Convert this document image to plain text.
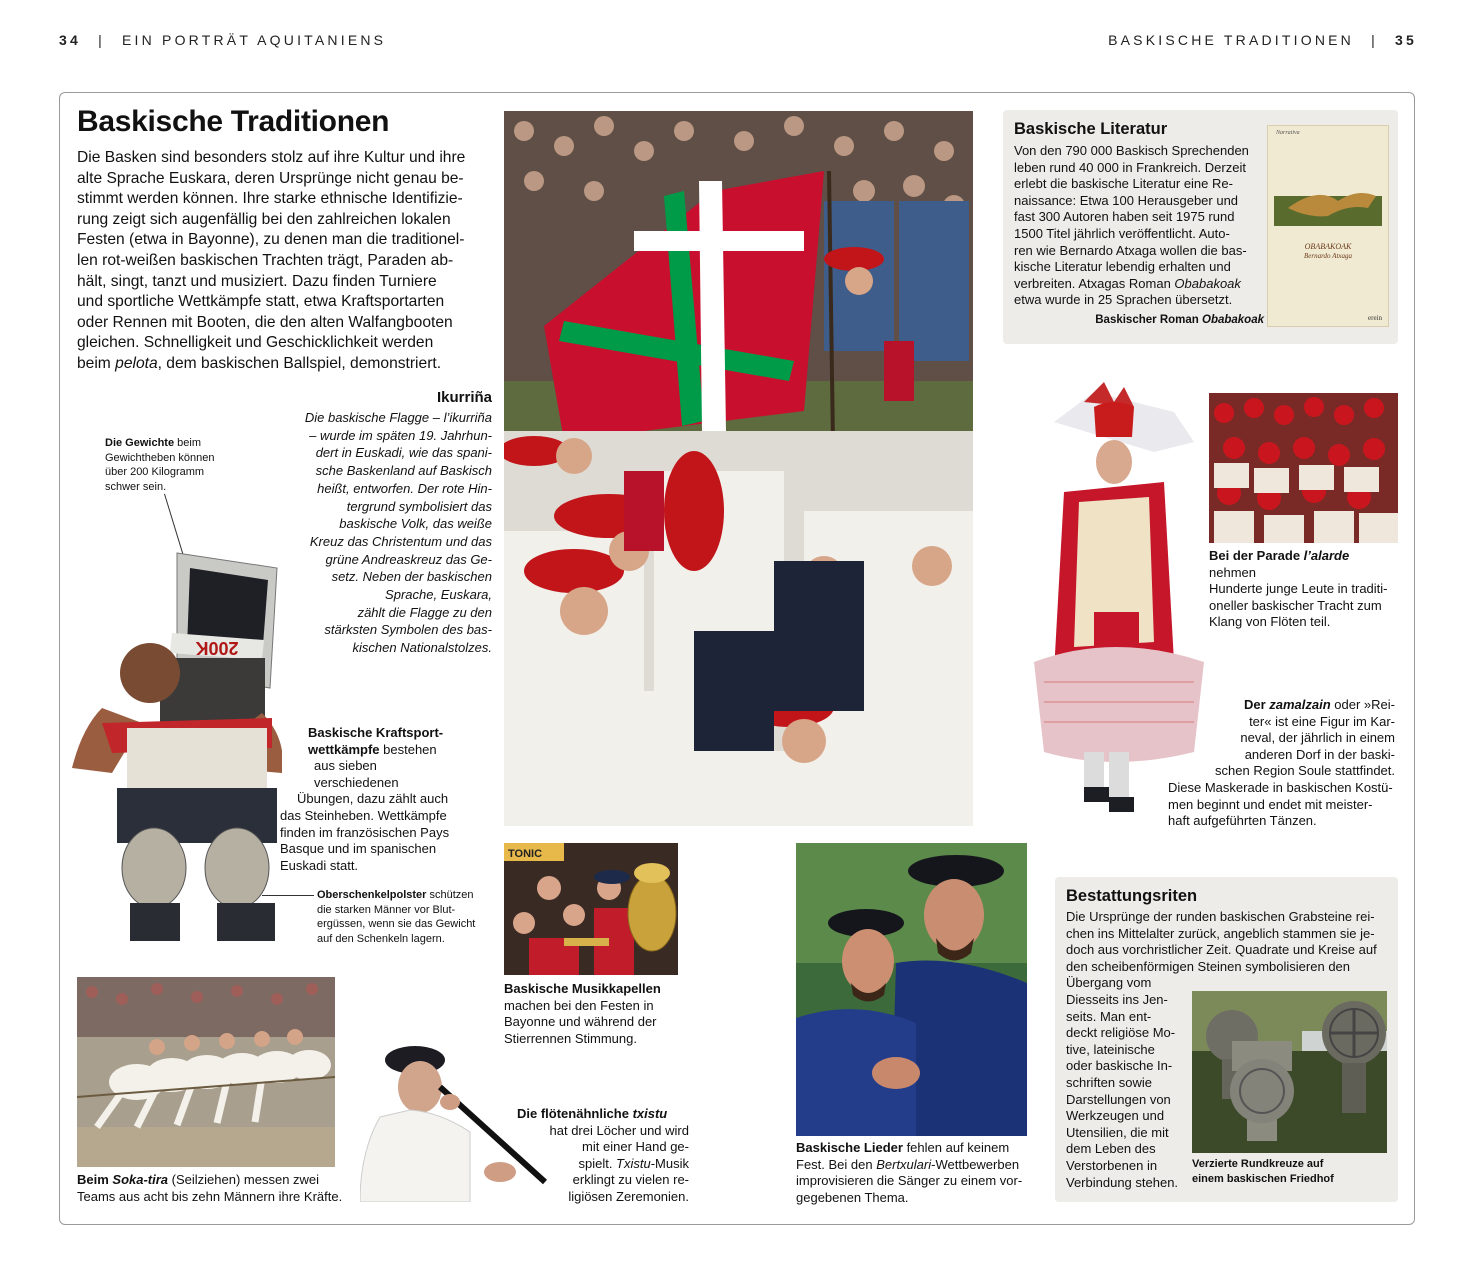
34 | EIN PORTRÄT AQUITANIENS	BASKISCHE TRADITIONEN | 35
Baskische Traditionen
Die Basken sind besonders stolz auf ihre Kultur und ihre
alte Sprache Euskara, deren Ursprünge nicht genau be-
stimmt werden können. Ihre starke ethnische Identifizie-
rung zeigt sich augenfällig bei den zahlreichen lokalen
Festen (etwa in Bayonne), zu denen man die traditionel-
len rot-weißen baskischen Trachten trägt, Paraden ab-
hält, singt, tanzt und musiziert. Dazu finden Turniere
und sportliche Wettkämpfe statt, etwa Kraftsportarten
oder Rennen mit Booten, die den alten Walfangbooten
gleichen. Schnelligkeit und Geschicklichkeit werden
beim pelota, dem baskischen Ballspiel, demonstriert.
Ikurriña
Die baskische Flagge – l’ikurriña
– wurde im späten 19. Jahrhun-
dert in Euskadi, wie das spani-
sche Baskenland auf Baskisch
heißt, entworfen. Der rote Hin-
tergrund symbolisiert das
baskische Volk, das weiße
Kreuz das Christentum und das
grüne Andreaskreuz das Ge-
setz. Neben der baskischen
Sprache, Euskara,
zählt die Flagge zu den
stärksten Symbolen des bas-
kischen Nationalstolzes.
Die Gewichte beim
Gewichtheben können
über 200 Kilogramm
schwer sein.
200K
Baskische Kraftsport-
wettkämpfe bestehen
aus sieben verschiedenen
Übungen, dazu zählt auch
das Steinheben. Wettkämpfe
finden im französischen Pays
Basque und im spanischen
Euskadi statt.
Oberschenkelpolster schützen
die starken Männer vor Blut-
ergüssen, wenn sie das Gewicht
auf den Schenkeln lagern.
Beim Soka-tira (Seilziehen) messen zwei
Teams aus acht bis zehn Männern ihre Kräfte.
TONIC
Baskische Musikkapellen
machen bei den Festen in
Bayonne und während der
Stierrennen Stimmung.
Die flötenähnliche txistu
hat drei Löcher und wird
mit einer Hand ge-
spielt. Txistu-Musik
erklingt zu vielen re-
ligiösen Zeremonien.
Baskische Lieder fehlen auf keinem
Fest. Bei den Bertxulari-Wettbewerben
improvisieren die Sänger zu einem vor-
gegebenen Thema.
Baskische Literatur
Von den 790 000 Baskisch Sprechenden
leben rund 40 000 in Frankreich. Derzeit
erlebt die baskische Literatur eine Re-
naissance: Etwa 100 Herausgeber und
fast 300 Autoren haben seit 1975 rund
1500 Titel jährlich veröffentlicht. Auto-
ren wie Bernardo Atxaga wollen die bas-
kische Literatur lebendig erhalten und
verbreiten. Atxagas Roman Obabakoak
etwa wurde in 25 Sprachen übersetzt.
Baskischer Roman Obabakoak
Narrativa
OBABAKOAK
Bernardo Atxaga
erein
Bei der Parade l’alarde nehmen
Hunderte junge Leute in traditi-
oneller baskischer Tracht zum
Klang von Flöten teil.
Der zamalzain oder »Rei-
ter« ist eine Figur im Kar-
neval, der jährlich in einem
anderen Dorf in der baski-
schen Region Soule stattfindet.
Diese Maskerade in baskischen Kostü-
men beginnt und endet mit meister-
haft aufgeführten Tänzen.
Bestattungsriten
Die Ursprünge der runden baskischen Grabsteine rei-
chen ins Mittelalter zurück, angeblich stammen sie je-
doch aus vorchristlicher Zeit. Quadrate und Kreise auf
den scheibenförmigen Steinen symbolisieren den
Übergang vom
Diesseits ins Jen-
seits. Man ent-
deckt religiöse Mo-
tive, lateinische
oder baskische In-
schriften sowie
Darstellungen von
Werkzeugen und
Utensilien, die mit
dem Leben des
Verstorbenen in
Verbindung stehen.
Verzierte Rundkreuze auf
einem baskischen Friedhof
